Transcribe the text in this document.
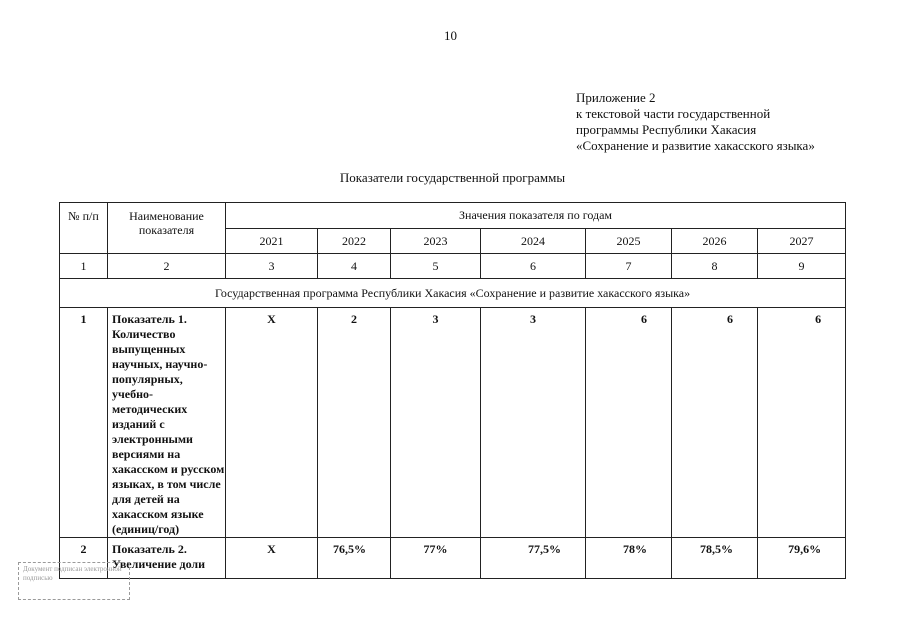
10
Приложение 2
к текстовой части государственной
программы Республики Хакасия
«Сохранение и развитие хакасского языка»
Показатели государственной программы
№ п/п	Наименование показателя	Значения показателя по годам						
		2021	2022	2023	2024	2025	2026	2027
1	2	3	4	5	6	7	8	9
Государственная программа Республики Хакасия «Сохранение и развитие хакасского языка»								
1	Показатель 1. Количество выпущенных научных, научно-популярных, учебно-методических изданий с электронными версиями на хакасском и русском языках, в том числе для детей на хакасском языке (единиц/год)	Х	2	3	3	6	6	6
2	Показатель 2. Увеличение доли	Х	76,5%	77%	77,5%	78%	78,5%	79,6%
Документ подписан электронной подписью
